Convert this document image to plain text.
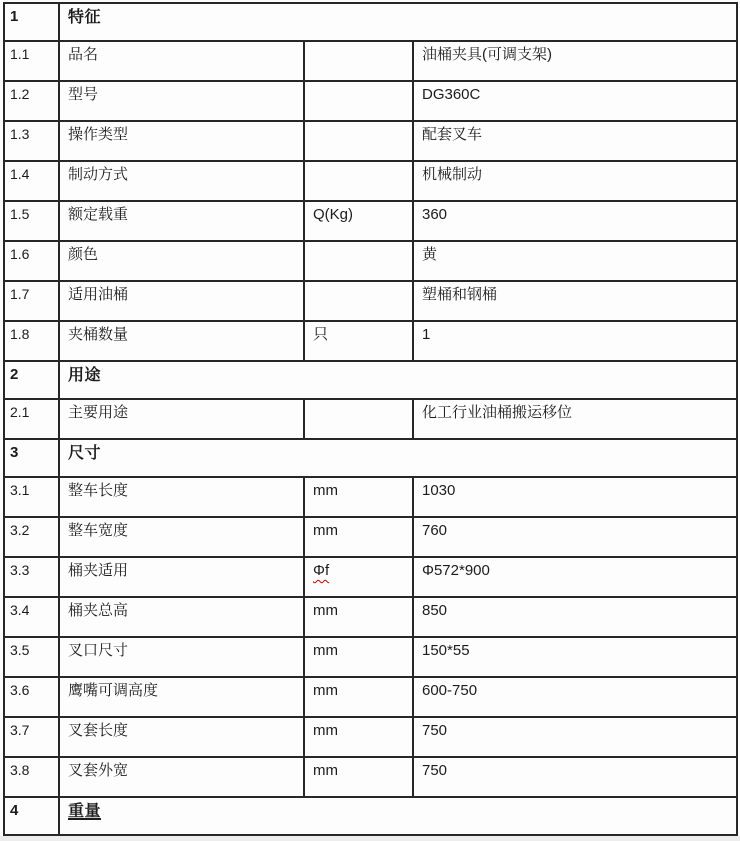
1	特征		
1.1	品名		油桶夹具(可调支架)
1.2	型号		DG360C
1.3	操作类型		配套叉车
1.4	制动方式		机械制动
1.5	额定载重	Q(Kg)	360
1.6	颜色		黄
1.7	适用油桶		塑桶和钢桶
1.8	夹桶数量	只	1
2	用途		
2.1	主要用途		化工行业油桶搬运移位
3	尺寸		
3.1	整车长度	mm	1030
3.2	整车宽度	mm	760
3.3	桶夹适用	Φf	Φ572*900
3.4	桶夹总高	mm	850
3.5	叉口尺寸	mm	150*55
3.6	鹰嘴可调高度	mm	600-750
3.7	叉套长度	mm	750
3.8	叉套外宽	mm	750
4	重量		
